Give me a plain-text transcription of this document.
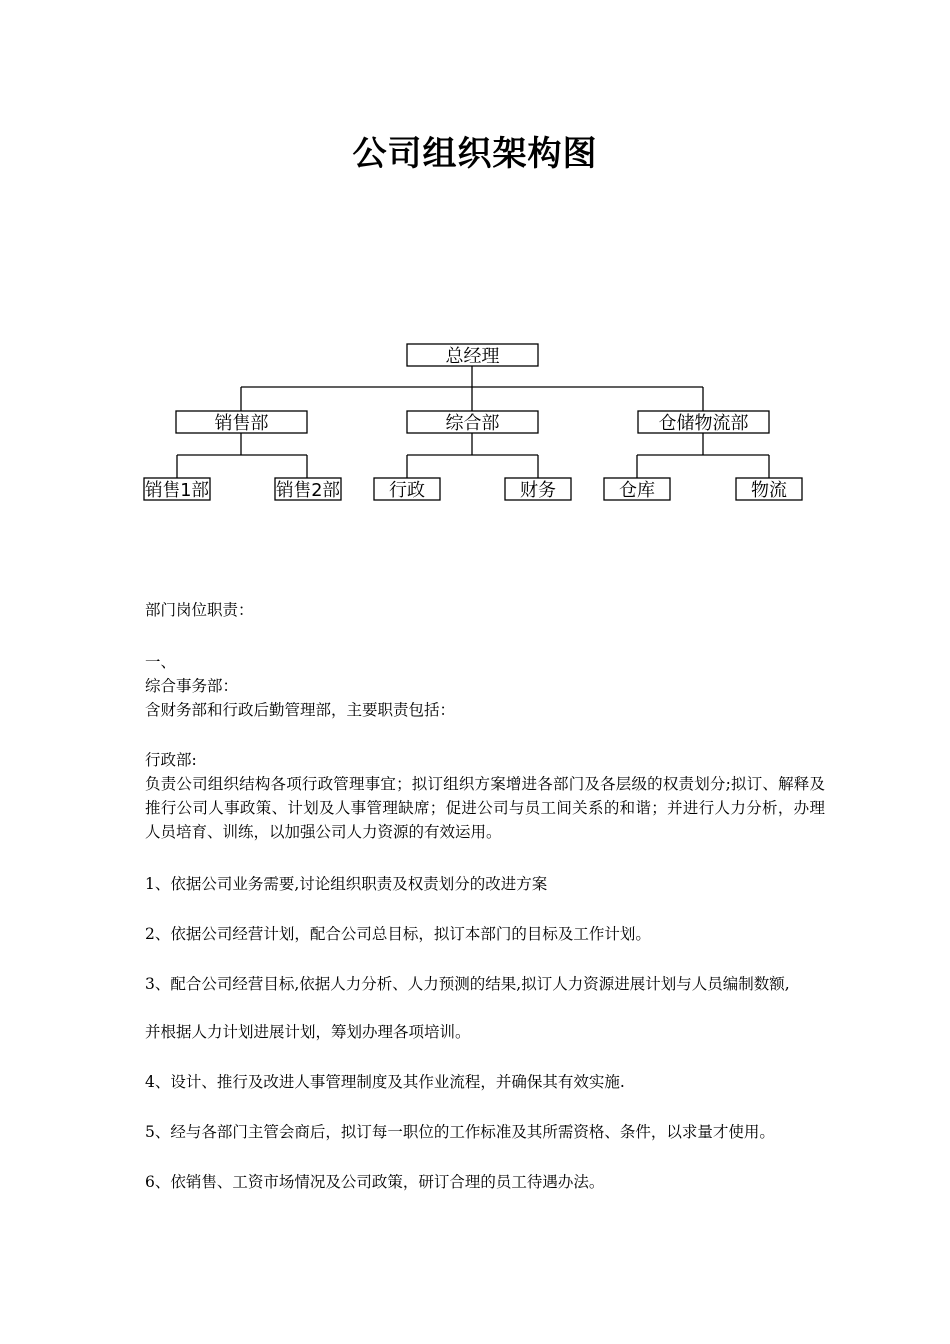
公司组织架构图
总经理
销售部	综合部	仓储物流部
销售1部	销售2部	行政	财务	仓库	物流
部门岗位职责：
一、
综合事务部：
含财务部和行政后勤管理部，主要职责包括：
行政部:
负责公司组织结构各项行政管理事宜；拟订组织方案增进各部门及各层级的权责划分;拟订、解释及推行公司人事政策、计划及人事管理缺席；促进公司与员工间关系的和谐；并进行人力分析，办理人员培育、训练，以加强公司人力资源的有效运用。
1、依据公司业务需要,讨论组织职责及权责划分的改进方案
2、依据公司经营计划，配合公司总目标，拟订本部门的目标及工作计划。
3、配合公司经营目标,依据人力分析、人力预测的结果,拟订人力资源进展计划与人员编制数额,
并根据人力计划进展计划，筹划办理各项培训。
4、设计、推行及改进人事管理制度及其作业流程，并确保其有效实施.
5、经与各部门主管会商后，拟订每一职位的工作标准及其所需资格、条件，以求量才使用。
6、依销售、工资市场情况及公司政策，研订合理的员工待遇办法。
